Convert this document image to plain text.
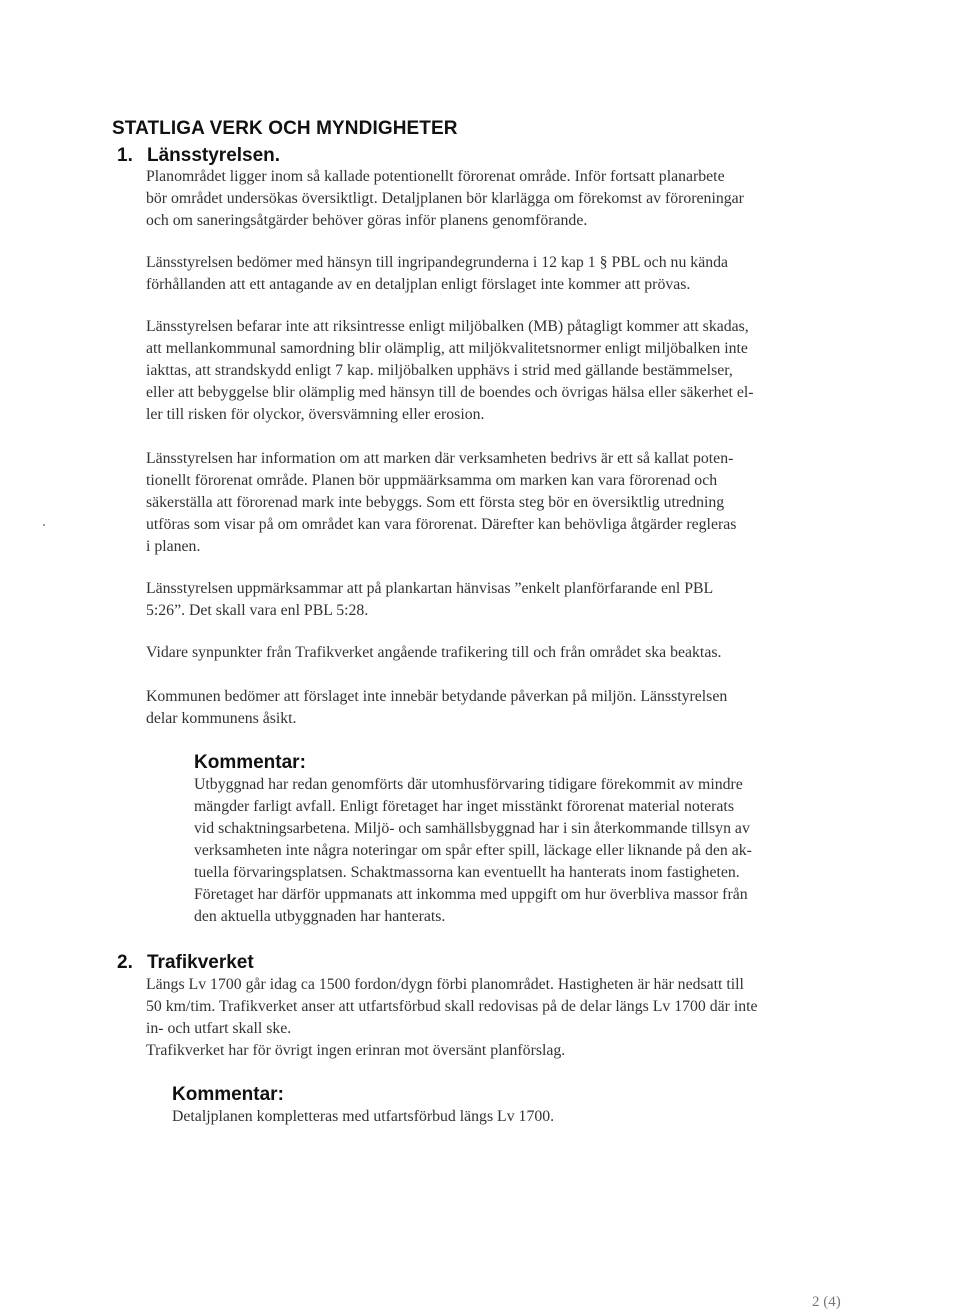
STATLIGA VERK OCH MYNDIGHETER
1. Länsstyrelsen.
Planområdet ligger inom så kallade potentionellt förorenat område. Inför fortsatt planarbete
bör området undersökas översiktligt. Detaljplanen bör klarlägga om förekomst av föroreningar
och om saneringsåtgärder behöver göras inför planens genomförande.
Länsstyrelsen bedömer med hänsyn till ingripandegrunderna i 12 kap 1 § PBL och nu kända
förhållanden att ett antagande av en detaljplan enligt förslaget inte kommer att prövas.
Länsstyrelsen befarar inte att riksintresse enligt miljöbalken (MB) påtagligt kommer att skadas,
att mellankommunal samordning blir olämplig, att miljökvalitetsnormer enligt miljöbalken inte
iakttas, att strandskydd enligt 7 kap. miljöbalken upphävs i strid med gällande bestämmelser,
eller att bebyggelse blir olämplig med hänsyn till de boendes och övrigas hälsa eller säkerhet el-
ler till risken för olyckor, översvämning eller erosion.
Länsstyrelsen har information om att marken där verksamheten bedrivs är ett så kallat poten-
tionellt förorenat område. Planen bör uppmäärksamma om marken kan vara förorenad och
säkerställa att förorenad mark inte bebyggs. Som ett första steg bör en översiktlig utredning
utföras som visar på om området kan vara förorenat. Därefter kan behövliga åtgärder regleras
i planen.
Länsstyrelsen uppmärksammar att på plankartan hänvisas ”enkelt planförfarande enl PBL
5:26”. Det skall vara enl PBL 5:28.
Vidare synpunkter från Trafikverket angående trafikering till och från området ska beaktas.
Kommunen bedömer att förslaget inte innebär betydande påverkan på miljön. Länsstyrelsen
delar kommunens åsikt.
Kommentar:
Utbyggnad har redan genomförts där utomhusförvaring tidigare förekommit av mindre
mängder farligt avfall. Enligt företaget har inget misstänkt förorenat material noterats
vid schaktningsarbetena. Miljö- och samhällsbyggnad har i sin återkommande tillsyn av
verksamheten inte några noteringar om spår efter spill, läckage eller liknande på den ak-
tuella förvaringsplatsen. Schaktmassorna kan eventuellt ha hanterats inom fastigheten.
Företaget har därför uppmanats att inkomma med uppgift om hur överbliva massor från
den aktuella utbyggnaden har hanterats.
2. Trafikverket
Längs Lv 1700 går idag ca 1500 fordon/dygn förbi planområdet. Hastigheten är här nedsatt till
50 km/tim. Trafikverket anser att utfartsförbud skall redovisas på de delar längs Lv 1700 där inte
in- och utfart skall ske.
Trafikverket har för övrigt ingen erinran mot översänt planförslag.
Kommentar:
Detaljplanen kompletteras med utfartsförbud längs Lv 1700.
2 (4)
